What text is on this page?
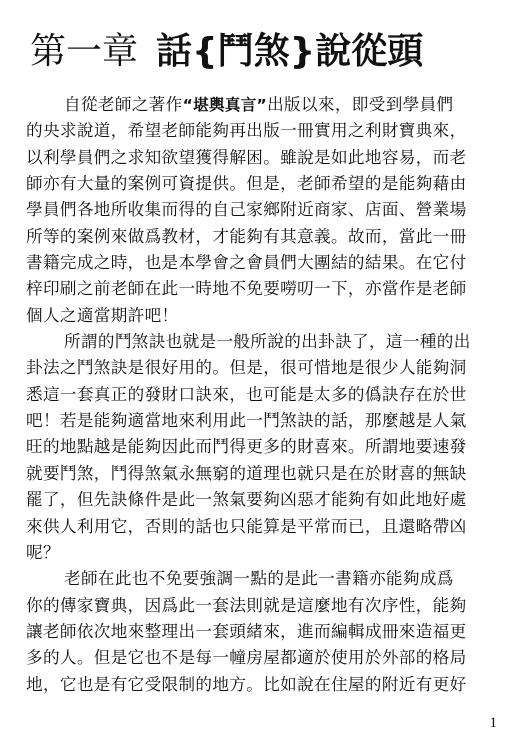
第一章 話{鬥煞}說從頭
自從老師之著作“堪輿真言”出版以來，即受到學員們
的央求說道，希望老師能夠再出版一冊實用之利財寶典來，
以利學員們之求知欲望獲得解困。雖說是如此地容易，而老
師亦有大量的案例可資提供。但是，老師希望的是能夠藉由
學員們各地所收集而得的自己家鄉附近商家、店面、營業場
所等的案例來做爲教材，才能夠有其意義。故而，當此一冊
書籍完成之時，也是本學會之會員們大團結的結果。在它付
梓印刷之前老師在此一時地不免要嘮叨一下，亦當作是老師
個人之適當期許吧！
所謂的鬥煞訣也就是一般所說的出卦訣了，這一種的出
卦法之鬥煞訣是很好用的。但是，很可惜地是很少人能夠洞
悉這一套真正的發財口訣來，也可能是太多的僞訣存在於世
吧！若是能夠適當地來利用此一鬥煞訣的話，那麼越是人氣
旺的地點越是能夠因此而鬥得更多的財喜來。所謂地要速發
就要鬥煞，鬥得煞氣永無窮的道理也就只是在於財喜的無缺
罷了，但先訣條件是此一煞氣要夠凶惡才能夠有如此地好處
來供人利用它，否則的話也只能算是平常而已，且還略帶凶
呢？
老師在此也不免要強調一點的是此一書籍亦能夠成爲
你的傳家寶典，因爲此一套法則就是這麼地有次序性，能夠
讓老師依次地來整理出一套頭緒來，進而編輯成冊來造福更
多的人。但是它也不是每一幢房屋都適於使用於外部的格局
地，它也是有它受限制的地方。比如說在住屋的附近有更好
1
